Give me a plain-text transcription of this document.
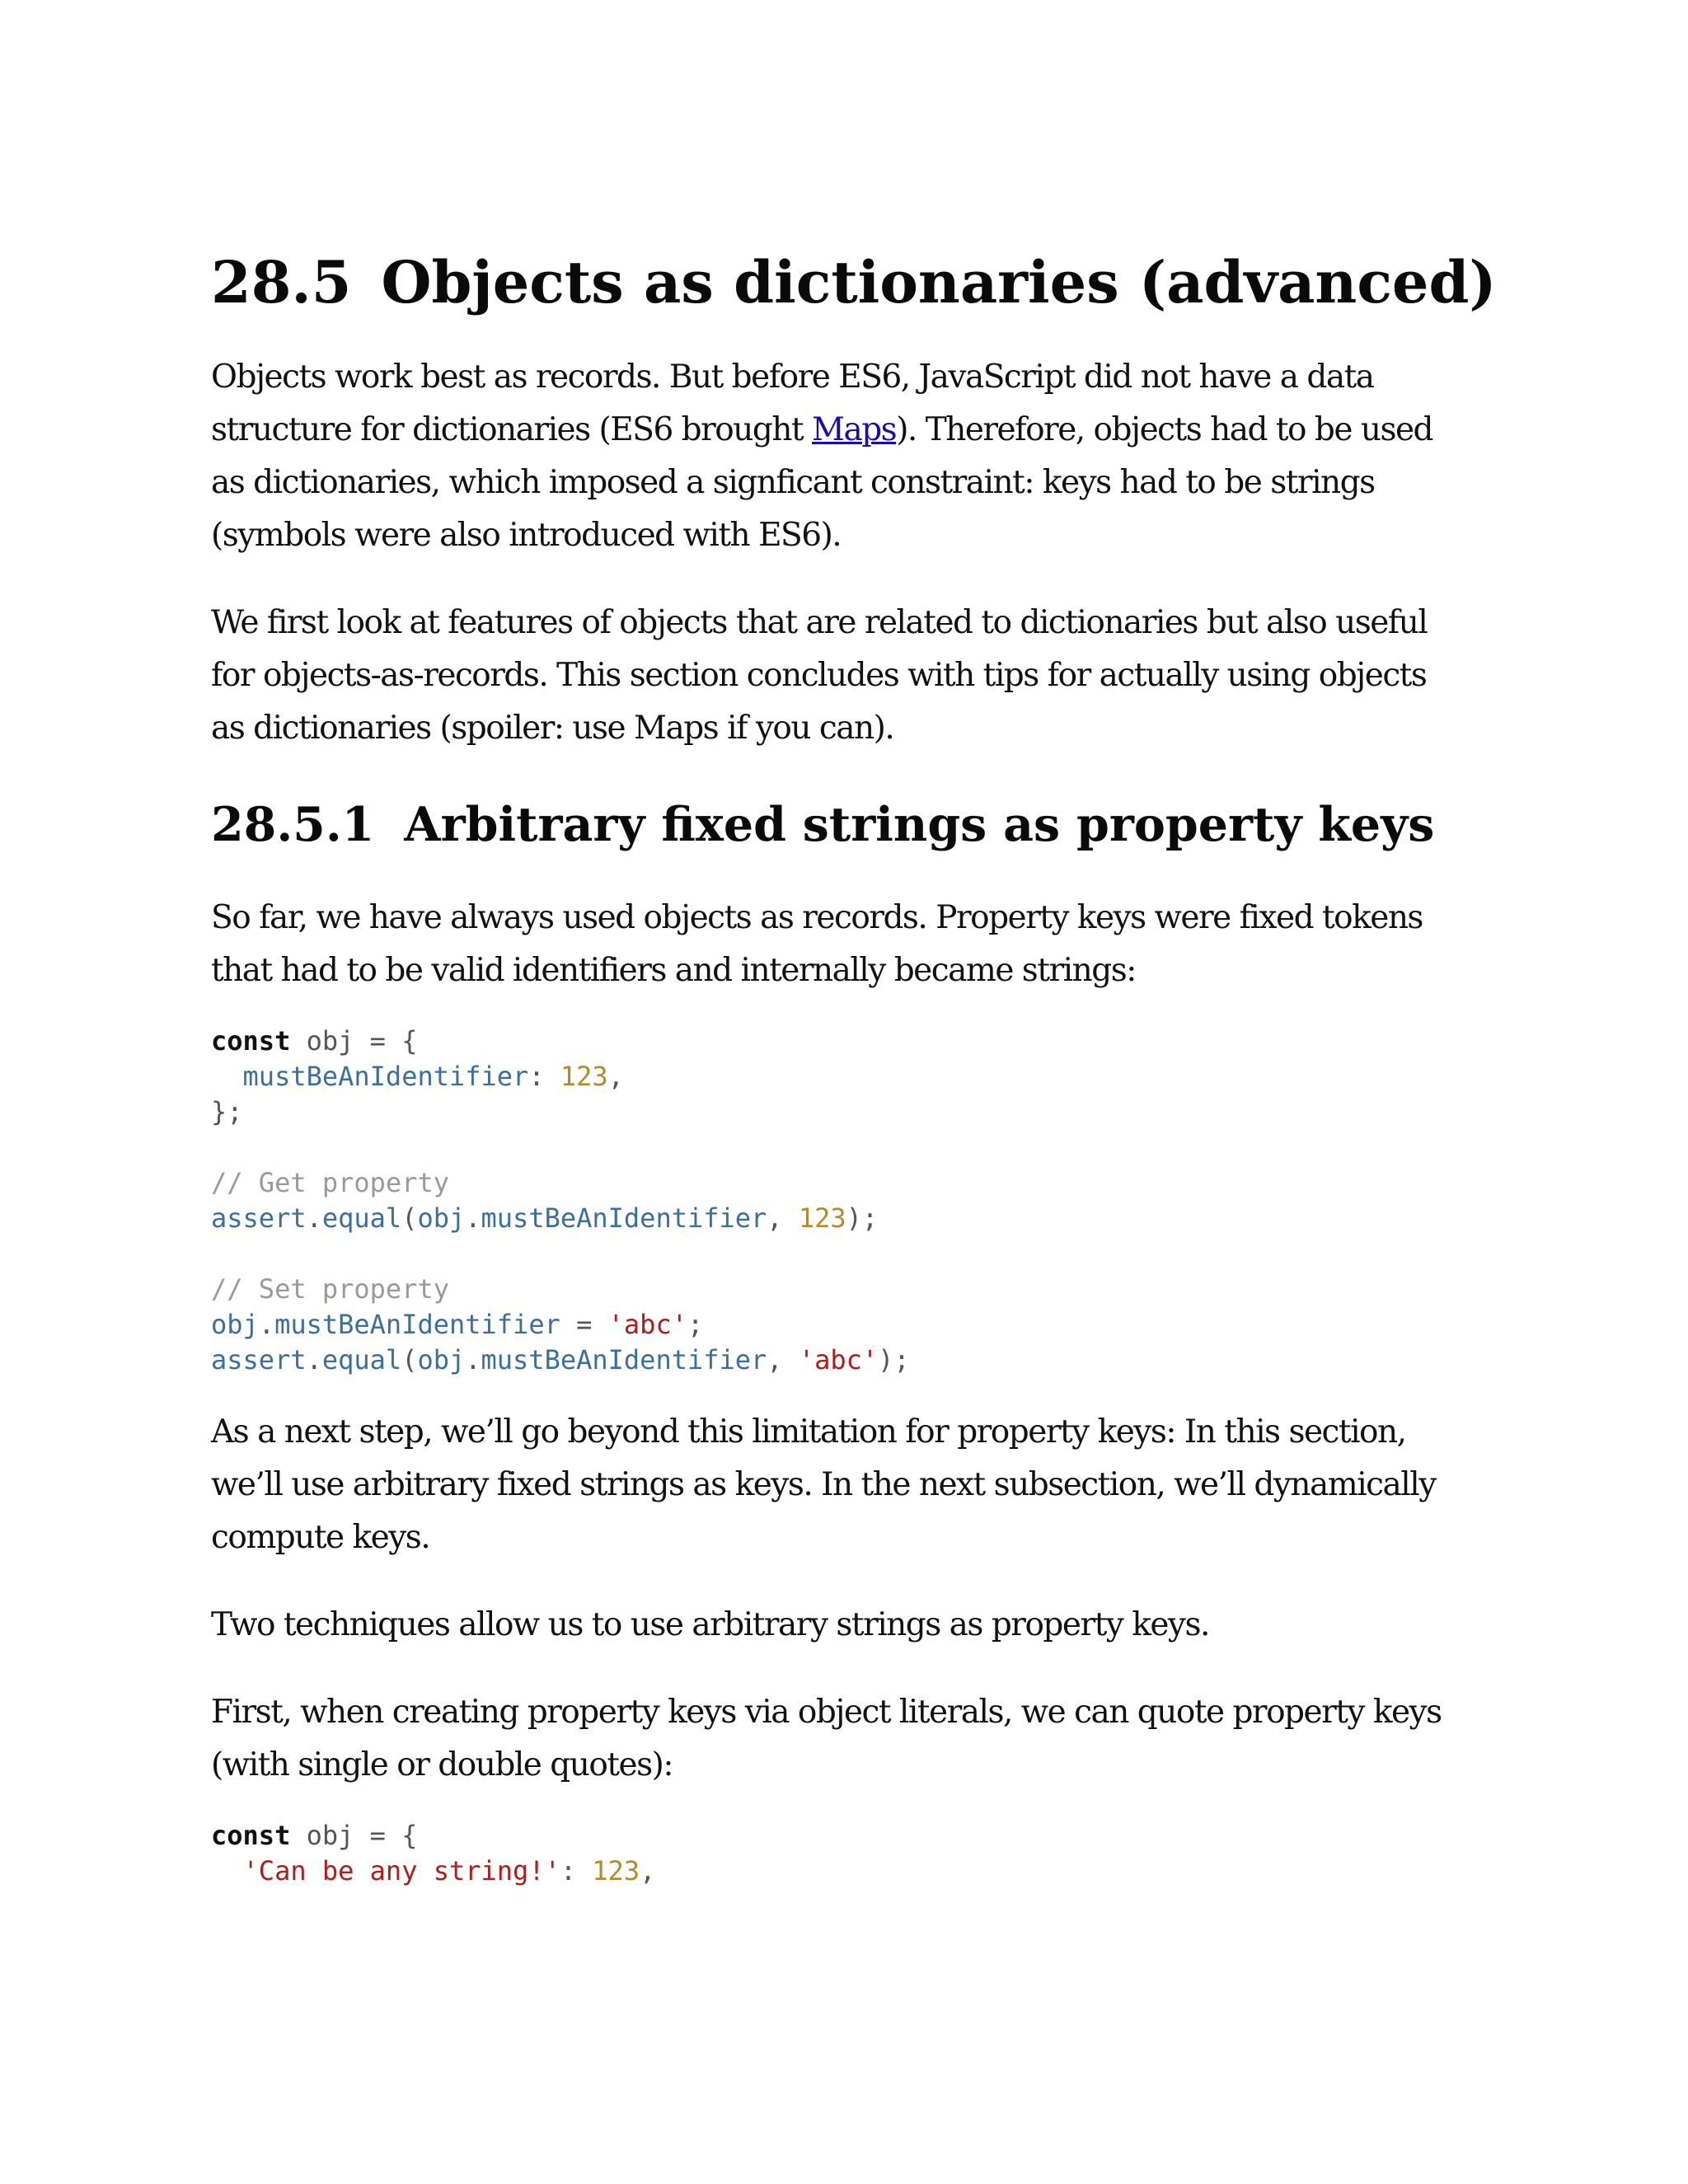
28.5 Objects as dictionaries (advanced)

Objects work best as records. But before ES6, JavaScript did not have a data
structure for dictionaries (ES6 brought Maps). Therefore, objects had to be used
as dictionaries, which imposed a signficant constraint: keys had to be strings
(symbols were also introduced with ES6).

We first look at features of objects that are related to dictionaries but also useful
for objects-as-records. This section concludes with tips for actually using objects
as dictionaries (spoiler: use Maps if you can).

28.5.1 Arbitrary fixed strings as property keys

So far, we have always used objects as records. Property keys were fixed tokens
that had to be valid identifiers and internally became strings:

const obj = {
mustBeAnIdentifier: 123,
};

// Get property
assert.equal(obj.mustBeAnIdentifier, 123);

// Set property
obj.mustBeAnIdentifier = 'abc';
assert.equal(obj.mustBeAnIdentifier, 'abc');

As a next step, we’ll go beyond this limitation for property keys: In this section,
we’ll use arbitrary fixed strings as keys. In the next subsection, we’ll dynamically
compute keys.

Two techniques allow us to use arbitrary strings as property keys.

First, when creating property keys via object literals, we can quote property keys
(with single or double quotes):

const obj = {
'Can be any string!': 123,
